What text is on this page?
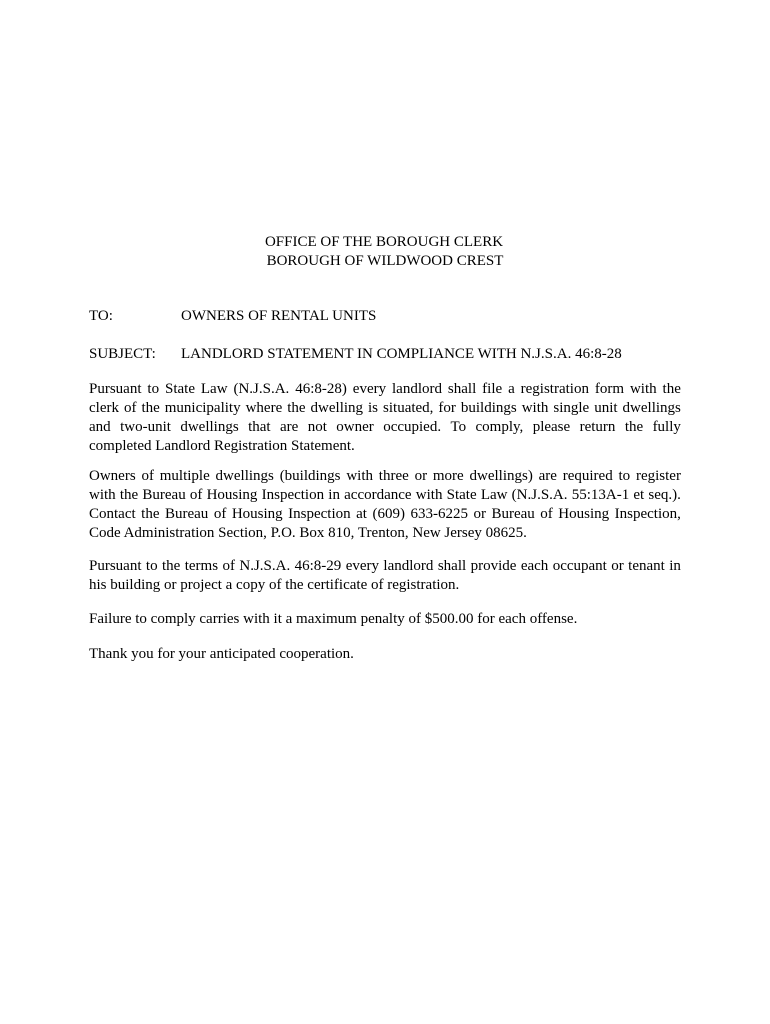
OFFICE OF THE BOROUGH CLERK
BOROUGH OF WILDWOOD CREST
TO:	OWNERS OF RENTAL UNITS
SUBJECT: LANDLORD STATEMENT IN COMPLIANCE WITH N.J.S.A. 46:8-28
Pursuant to State Law (N.J.S.A. 46:8-28) every landlord shall file a registration form with the
clerk of the municipality where the dwelling is situated, for buildings with single unit dwellings
and two-unit dwellings that are not owner occupied. To comply, please return the fully
completed Landlord Registration Statement.
Owners of multiple dwellings (buildings with three or more dwellings) are required to register
with the Bureau of Housing Inspection in accordance with State Law (N.J.S.A. 55:13A-1 et seq.).
Contact the Bureau of Housing Inspection at (609) 633-6225 or Bureau of Housing Inspection,
Code Administration Section, P.O. Box 810, Trenton, New Jersey 08625.
Pursuant to the terms of N.J.S.A. 46:8-29 every landlord shall provide each occupant or tenant in
his building or project a copy of the certificate of registration.
Failure to comply carries with it a maximum penalty of $500.00 for each offense.
Thank you for your anticipated cooperation.
